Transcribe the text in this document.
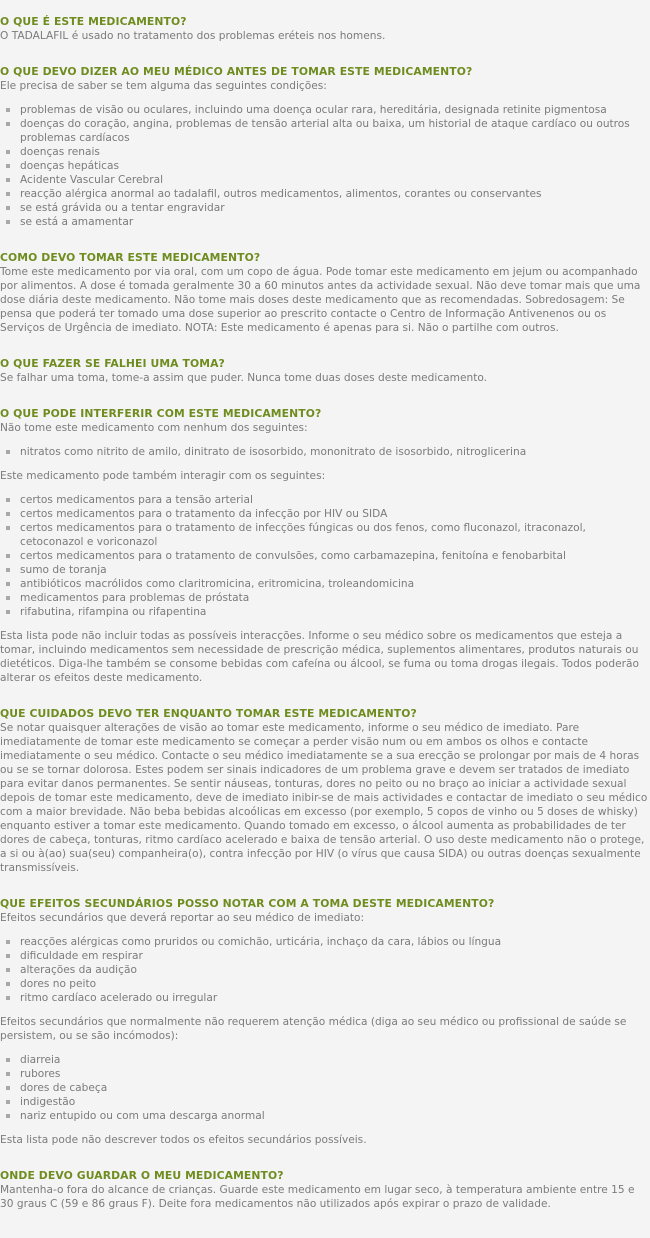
O QUE É ESTE MEDICAMENTO?

O TADALAFIL é usado no tratamento dos problemas eréteis nos homens.

O QUE DEVO DIZER AO MEU MÉDICO ANTES DE TOMAR ESTE MEDICAMENTO?

Ele precisa de saber se tem alguma das seguintes condições:

problemas de visão ou oculares, incluindo uma doença ocular rara, hereditária, designada retinite pigmentosa
doenças do coração, angina, problemas de tensão arterial alta ou baixa, um historial de ataque cardíaco ou outros problemas cardíacos
doenças renais
doenças hepáticas
Acidente Vascular Cerebral
reacção alérgica anormal ao tadalafil, outros medicamentos, alimentos, corantes ou conservantes
se está grávida ou a tentar engravidar
se está a amamentar
COMO DEVO TOMAR ESTE MEDICAMENTO?

Tome este medicamento por via oral, com um copo de água. Pode tomar este medicamento em jejum ou acompanhado por alimentos. A dose é tomada geralmente 30 a 60 minutos antes da actividade sexual. Não deve tomar mais que uma dose diária deste medicamento. Não tome mais doses deste medicamento que as recomendadas. Sobredosagem: Se pensa que poderá ter tomado uma dose superior ao prescrito contacte o Centro de Informação Antivenenos ou os Serviços de Urgência de imediato. NOTA: Este medicamento é apenas para si. Não o partilhe com outros.

O QUE FAZER SE FALHEI UMA TOMA?

Se falhar uma toma, tome-a assim que puder. Nunca tome duas doses deste medicamento.

O QUE PODE INTERFERIR COM ESTE MEDICAMENTO?

Não tome este medicamento com nenhum dos seguintes:

nitratos como nitrito de amilo, dinitrato de isosorbido, mononitrato de isosorbido, nitroglicerina

Este medicamento pode também interagir com os seguintes:

certos medicamentos para a tensão arterial
certos medicamentos para o tratamento da infecção por HIV ou SIDA
certos medicamentos para o tratamento de infecções fúngicas ou dos fenos, como fluconazol, itraconazol, cetoconazol e voriconazol
certos medicamentos para o tratamento de convulsões, como carbamazepina, fenitoína e fenobarbital
sumo de toranja
antibióticos macrólidos como claritromicina, eritromicina, troleandomicina
medicamentos para problemas de próstata
rifabutina, rifampina ou rifapentina

Esta lista pode não incluir todas as possíveis interacções. Informe o seu médico sobre os medicamentos que esteja a tomar, incluindo medicamentos sem necessidade de prescrição médica, suplementos alimentares, produtos naturais ou dietéticos. Diga-lhe também se consome bebidas com cafeína ou álcool, se fuma ou toma drogas ilegais. Todos poderão alterar os efeitos deste medicamento.

QUE CUIDADOS DEVO TER ENQUANTO TOMAR ESTE MEDICAMENTO?

Se notar quaisquer alterações de visão ao tomar este medicamento, informe o seu médico de imediato. Pare imediatamente de tomar este medicamento se começar a perder visão num ou em ambos os olhos e contacte imediatamente o seu médico. Contacte o seu médico imediatamente se a sua erecção se prolongar por mais de 4 horas ou se se tornar dolorosa. Estes podem ser sinais indicadores de um problema grave e devem ser tratados de imediato para evitar danos permanentes. Se sentir náuseas, tonturas, dores no peito ou no braço ao iniciar a actividade sexual depois de tomar este medicamento, deve de imediato inibir-se de mais actividades e contactar de imediato o seu médico com a maior brevidade. Não beba bebidas alcoólicas em excesso (por exemplo, 5 copos de vinho ou 5 doses de whisky) enquanto estiver a tomar este medicamento. Quando tomado em excesso, o álcool aumenta as probabilidades de ter dores de cabeça, tonturas, ritmo cardíaco acelerado e baixa de tensão arterial. O uso deste medicamento não o protege, a si ou à(ao) sua(seu) companheira(o), contra infecção por HIV (o vírus que causa SIDA) ou outras doenças sexualmente transmissíveis.

QUE EFEITOS SECUNDÁRIOS POSSO NOTAR COM A TOMA DESTE MEDICAMENTO?

Efeitos secundários que deverá reportar ao seu médico de imediato:

reacções alérgicas como pruridos ou comichão, urticária, inchaço da cara, lábios ou língua
dificuldade em respirar
alterações da audição
dores no peito
ritmo cardíaco acelerado ou irregular

Efeitos secundários que normalmente não requerem atenção médica (diga ao seu médico ou profissional de saúde se persistem, ou se são incómodos):

diarreia
rubores
dores de cabeça
indigestão
nariz entupido ou com uma descarga anormal

Esta lista pode não descrever todos os efeitos secundários possíveis.

ONDE DEVO GUARDAR O MEU MEDICAMENTO?

Mantenha-o fora do alcance de crianças. Guarde este medicamento em lugar seco, à temperatura ambiente entre 15 e 30 graus C (59 e 86 graus F). Deite fora medicamentos não utilizados após expirar o prazo de validade.
